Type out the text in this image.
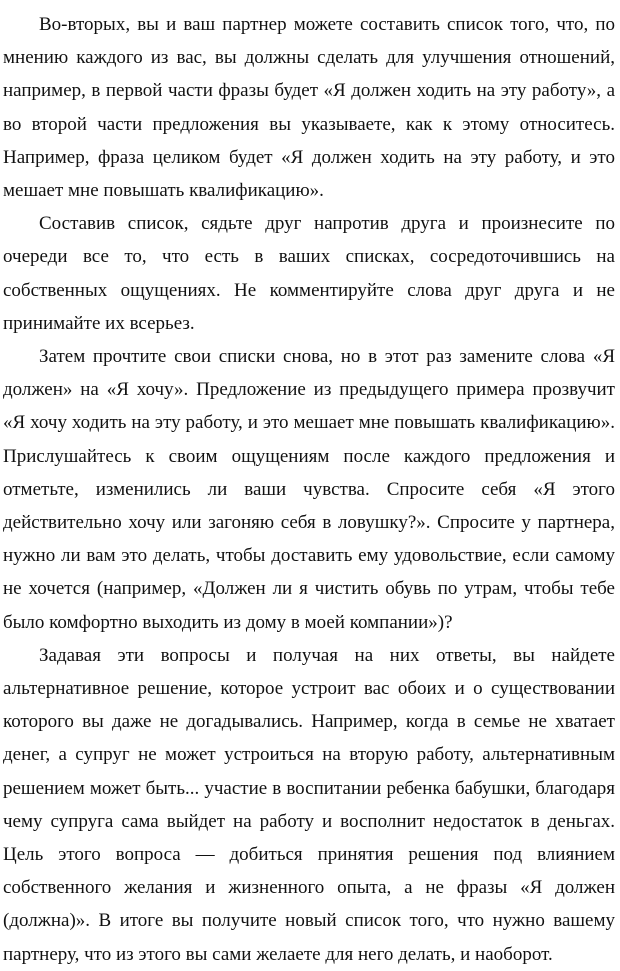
Во-вторых, вы и ваш партнер можете составить список того, что, по мнению каждого из вас, вы должны сделать для улучшения отношений, например, в первой части фразы будет «Я должен ходить на эту работу», а во второй части предложения вы указываете, как к этому относитесь. Например, фраза целиком будет «Я должен ходить на эту работу, и это мешает мне повышать квалификацию».

Составив список, сядьте друг напротив друга и произнесите по очереди все то, что есть в ваших списках, сосредоточившись на собственных ощущениях. Не комментируйте слова друг друга и не принимайте их всерьез.

Затем прочтите свои списки снова, но в этот раз замените слова «Я должен» на «Я хочу». Предложение из предыдущего примера прозвучит «Я хочу ходить на эту работу, и это мешает мне повышать квалификацию». Прислушайтесь к своим ощущениям после каждого предложения и отметьте, изменились ли ваши чувства. Спросите себя «Я этого действительно хочу или загоняю себя в ловушку?». Спросите у партнера, нужно ли вам это делать, чтобы доставить ему удовольствие, если самому не хочется (например, «Должен ли я чистить обувь по утрам, чтобы тебе было комфортно выходить из дому в моей компании»)?

Задавая эти вопросы и получая на них ответы, вы найдете альтернативное решение, которое устроит вас обоих и о существовании которого вы даже не догадывались. Например, когда в семье не хватает денег, а супруг не может устроиться на вторую работу, альтернативным решением может быть... участие в воспитании ребенка бабушки, благодаря чему супруга сама выйдет на работу и восполнит недостаток в деньгах. Цель этого вопроса — добиться принятия решения под влиянием собственного желания и жизненного опыта, а не фразы «Я должен (должна)». В итоге вы получите новый список того, что нужно вашему партнеру, что из этого вы сами желаете для него делать, и наоборот.
